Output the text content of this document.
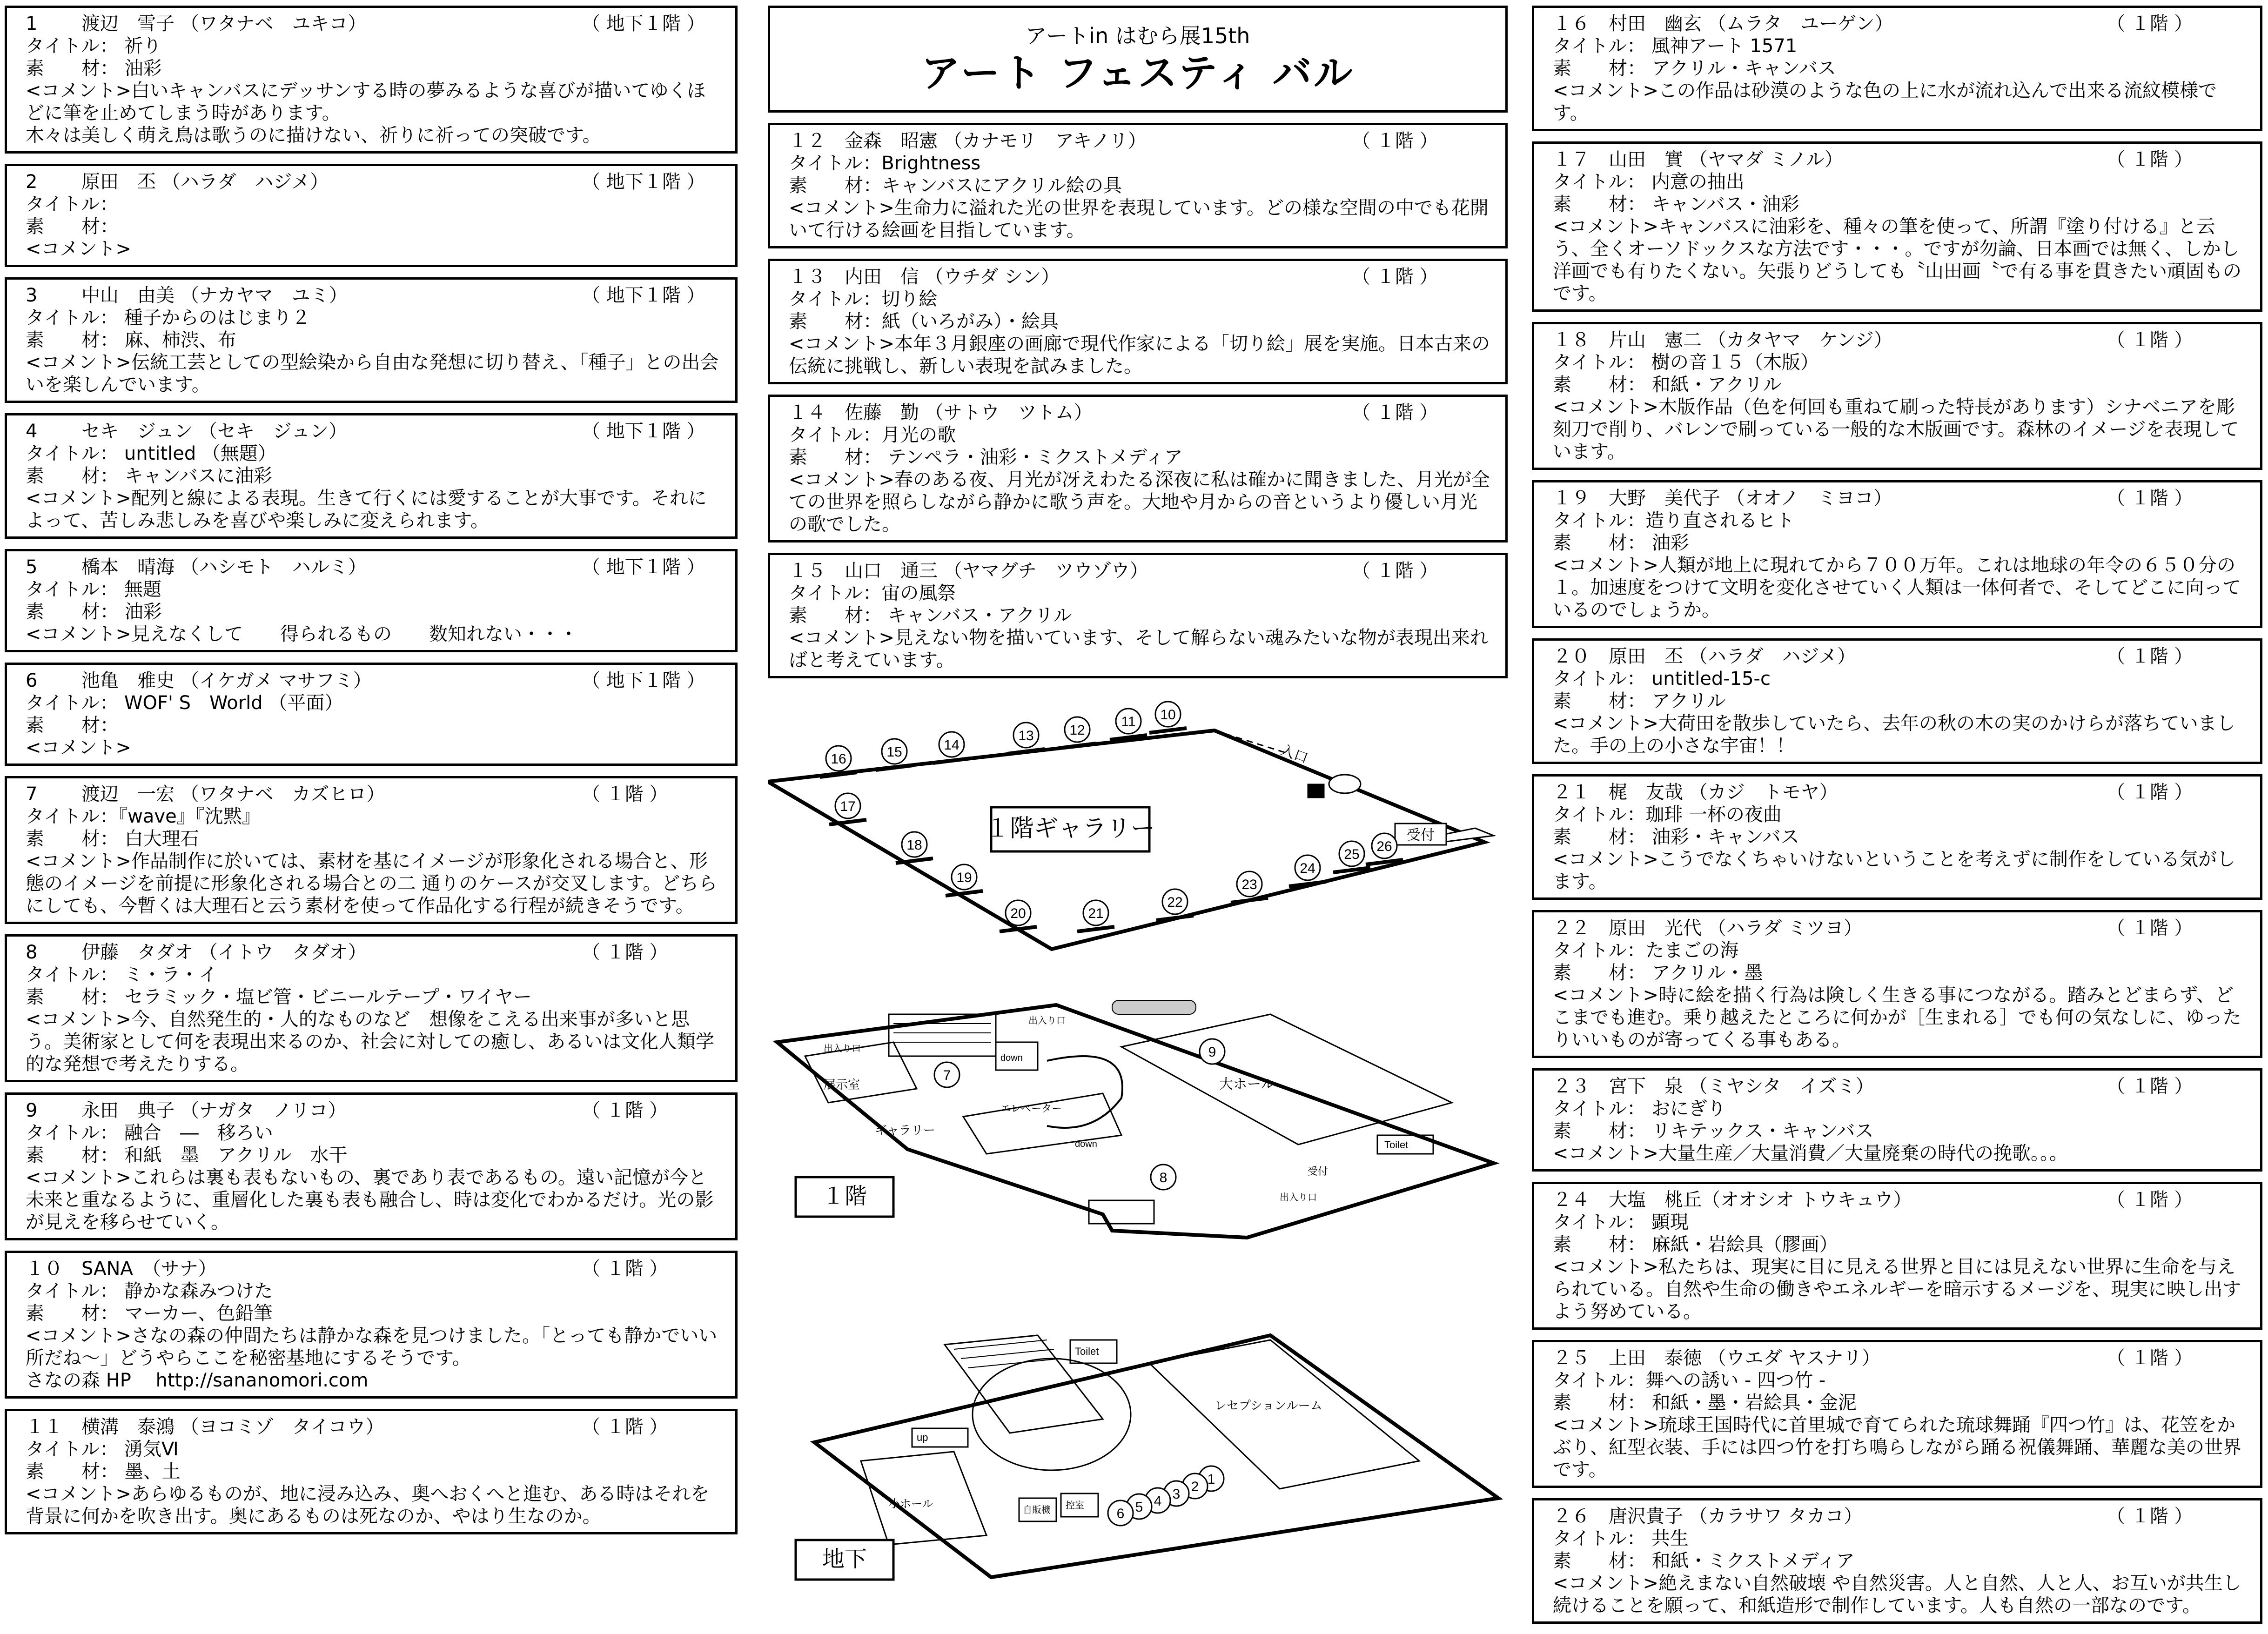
1	渡辺　雪子 （ワタナベ　ユキコ）	（ 地下１階 ）
タイトル： 祈り
素　　材： 油彩
<コメント>白いキャンバスにデッサンする時の夢みるような喜びが描いてゆくほどに筆を止めてしまう時があります。
木々は美しく萌え鳥は歌うのに描けない、祈りに祈っての突破です。
2	原田　丕 （ハラダ　ハジメ）	（ 地下１階 ）
タイトル：
素　　材：
<コメント>
3	中山　由美 （ナカヤマ　ユミ）	（ 地下１階 ）
タイトル： 種子からのはじまり２
素　　材： 麻、柿渋、布
<コメント>伝統工芸としての型絵染から自由な発想に切り替え、「種子」との出会いを楽しんでいます。
4	セキ　ジュン （セキ　ジュン）	（ 地下１階 ）
タイトル： untitled （無題）
素　　材： キャンバスに油彩
<コメント>配列と線による表現。生きて行くには愛することが大事です。それによって、苦しみ悲しみを喜びや楽しみに変えられます。
5	橋本　晴海 （ハシモト　ハルミ）	（ 地下１階 ）
タイトル： 無題
素　　材： 油彩
<コメント>見えなくして　　得られるもの　　数知れない・・・
6	池亀　雅史 （イケガメ マサフミ）	（ 地下１階 ）
タイトル： WOF' S　World （平面）
素　　材：
<コメント>
7	渡辺　一宏 （ワタナベ　カズヒロ）	（ １階 ）
タイトル：『wave』『沈黙』
素　　材： 白大理石
<コメント>作品制作に於いては、素材を基にイメージが形象化される場合と、形態のイメージを前提に形象化される場合との二 通りのケースが交叉します。どちらにしても、今暫くは大理石と云う素材を使って作品化する行程が続きそうです。
8	伊藤　タダオ （イトウ　タダオ）	（ １階 ）
タイトル： ミ・ラ・イ
素　　材： セラミック・塩ビ管・ビニールテープ・ワイヤー
<コメント>今、自然発生的・人的なものなど　想像をこえる出来事が多いと思う。美術家として何を表現出来るのか、社会に対しての癒し、あるいは文化人類学的な発想で考えたりする。
9	永田　典子 （ナガタ　ノリコ）	（ １階 ）
タイトル： 融合　―　移ろい
素　　材： 和紙　墨　アクリル　水干
<コメント>これらは裏も表もないもの、裏であり表であるもの。遠い記憶が今と未来と重なるように、重層化した裏も表も融合し、時は変化でわかるだけ。光の影が見えを移らせていく。
１０	SANA　（サナ）	（ １階 ）
タイトル： 静かな森みつけた
素　　材： マーカー、色鉛筆
<コメント>さなの森の仲間たちは静かな森を見つけました。「とっても静かでいい所だね～」どうやらここを秘密基地にするそうです。
さなの森 HP　 http://sananomori.com
１１	横溝　泰鴻 （ヨコミゾ　タイコウ）	（ １階 ）
タイトル： 湧気Ⅵ
素　　材： 墨、土
<コメント>あらゆるものが、地に浸み込み、奥へおくへと進む、ある時はそれを背景に何かを吹き出す。奥にあるものは死なのか、やはり生なのか。
アートin はむら展15th
アート フェスティ バル
１２	金森　昭憲 （カナモリ　アキノリ）	（ １階 ）
タイトル：Brightness
素　　材：キャンバスにアクリル絵の具
<コメント>生命力に溢れた光の世界を表現しています。どの様な空間の中でも花開いて行ける絵画を目指しています。
１３	内田　信 （ウチダ シン）	（ １階 ）
タイトル：切り絵
素　　材：紙（いろがみ）・絵具
<コメント>本年３月銀座の画廊で現代作家による「切り絵」展を実施。日本古来の伝統に挑戦し、新しい表現を試みました。
１４	佐藤　勤 （サトウ　ツトム）	（ １階 ）
タイトル：月光の歌
素　　材： テンペラ・油彩・ミクストメディア
<コメント>春のある夜、月光が冴えわたる深夜に私は確かに聞きました、月光が全ての世界を照らしながら静かに歌う声を。大地や月からの音というより優しい月光の歌でした。
１５	山口　通三 （ヤマグチ　ツウゾウ）	（ １階 ）
タイトル：宙の風祭
素　　材： キャンバス・アクリル
<コメント>見えない物を描いています、そして解らない魂みたいな物が表現出来ればと考えています。
１階ギャラリー
入口
受付
10
11
12
13
14
15
16
17
18
19
20	21
22
23
24
25
26
大ホール
展示室
ギャラリー
エレベーター
Toilet
受付
出入り口
出入り口
出入り口
down
down
7
8
9
１階
Toilet
レセプションルーム
小ホール
up
自販機 控室
1
2
3
4
5
6
地下
１６	村田　幽玄 （ムラタ　ユーゲン）	（ １階 ）
タイトル： 風神アート 1571
素　　材： アクリル・キャンバス
<コメント>この作品は砂漠のような色の上に水が流れ込んで出来る流紋模様です。
１７	山田　實 （ヤマダ ミノル）	（ １階 ）
タイトル： 内意の抽出
素　　材： キャンバス・油彩
<コメント>キャンバスに油彩を、種々の筆を使って、所謂『塗り付ける』と云う、全くオーソドックスな方法です・・・。ですが勿論、日本画では無く、しかし洋画でも有りたくない。矢張りどうしても〝山田画〝で有る事を貫きたい頑固ものです。
１８	片山　憲二 （カタヤマ　ケンジ）	（ １階 ）
タイトル： 樹の音１５（木版）
素　　材： 和紙・アクリル
<コメント>木版作品（色を何回も重ねて刷った特長があります）シナベニアを彫刻刀で削り、バレンで刷っている一般的な木版画です。森林のイメージを表現しています。
１９	大野　美代子 （オオノ　ミヨコ）	（ １階 ）
タイトル：造り直されるヒト
素　　材： 油彩
<コメント>人類が地上に現れてから７００万年。これは地球の年令の６５０分の１。加速度をつけて文明を変化させていく人類は一体何者で、そしてどこに向っているのでしょうか。
２０	原田　丕 （ハラダ　ハジメ）	（ １階 ）
タイトル： untitled-15-c
素　　材： アクリル
<コメント>大荷田を散歩していたら、去年の秋の木の実のかけらが落ちていました。手の上の小さな宇宙！！
２１	梶　友哉 （カジ　トモヤ）	（ １階 ）
タイトル：珈琲 一杯の夜曲
素　　材： 油彩・キャンバス
<コメント>こうでなくちゃいけないということを考えずに制作をしている気がします。
２２	原田　光代 （ハラダ ミツヨ）	（ １階 ）
タイトル：たまごの海
素　　材： アクリル・墨
<コメント>時に絵を描く行為は険しく生きる事につながる。踏みとどまらず、どこまでも進む。乗り越えたところに何かが［生まれる］でも何の気なしに、ゆったりいいものが寄ってくる事もある。
２３	宮下　泉 （ミヤシタ　イズミ）	（ １階 ）
タイトル： おにぎり
素　　材： リキテックス・キャンバス
<コメント>大量生産／大量消費／大量廃棄の時代の挽歌。。。
２４	大塩　桃丘（オオシオ トウキュウ）	（ １階 ）
タイトル： 顕現
素　　材： 麻紙・岩絵具（膠画）
<コメント>私たちは、現実に目に見える世界と目には見えない世界に生命を与えられている。自然や生命の働きやエネルギーを暗示するメージを、現実に映し出すよう努めている。
２５	上田　泰徳 （ウエダ ヤスナリ）	（ １階 ）
タイトル：舞への誘い - 四つ竹 -
素　　材： 和紙・墨・岩絵具・金泥
<コメント>琉球王国時代に首里城で育てられた琉球舞踊『四つ竹』は、花笠をかぶり、紅型衣装、手には四つ竹を打ち鳴らしながら踊る祝儀舞踊、華麗な美の世界です。
２６	唐沢貴子 （カラサワ タカコ）	（ １階 ）
タイトル： 共生
素　　材： 和紙・ミクストメディア
<コメント>絶えまない自然破壊 や自然災害。人と自然、人と人、お互いが共生し続けることを願って、和紙造形で制作しています。人も自然の一部なのです。
